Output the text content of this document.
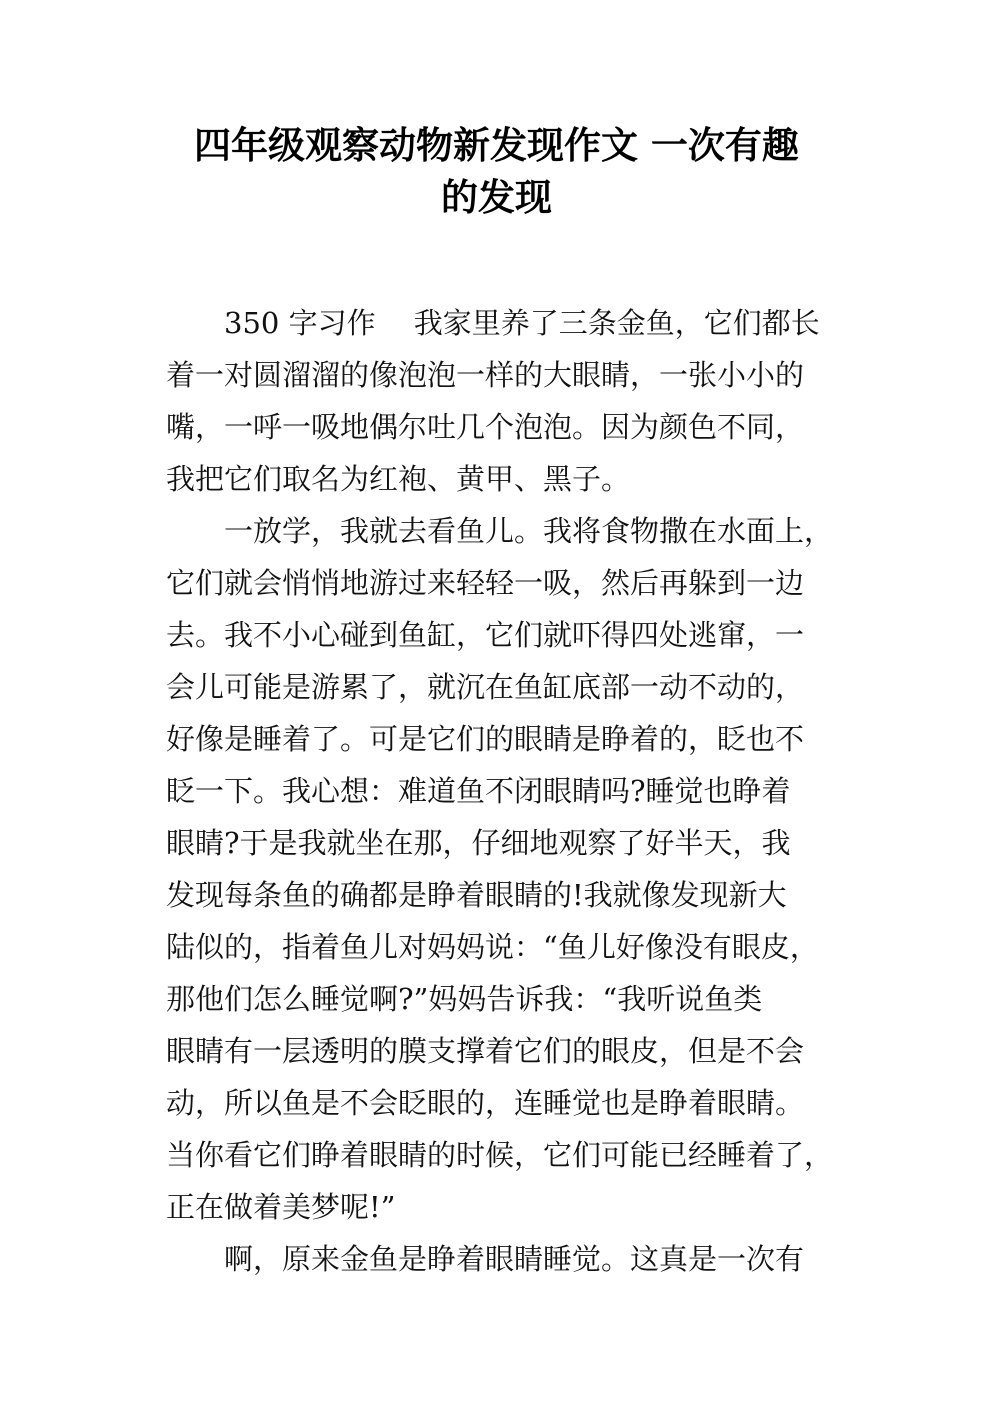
四年级观察动物新发现作文 一次有趣
的发现
350 字习作　 我家里养了三条金鱼，它们都长
着一对圆溜溜的像泡泡一样的大眼睛，一张小小的
嘴，一呼一吸地偶尔吐几个泡泡。因为颜色不同，
我把它们取名为红袍、黄甲、黑子。
一放学，我就去看鱼儿。我将食物撒在水面上，
它们就会悄悄地游过来轻轻一吸，然后再躲到一边
去。我不小心碰到鱼缸，它们就吓得四处逃窜，一
会儿可能是游累了，就沉在鱼缸底部一动不动的，
好像是睡着了。可是它们的眼睛是睁着的，眨也不
眨一下。我心想：难道鱼不闭眼睛吗?睡觉也睁着
眼睛?于是我就坐在那，仔细地观察了好半天，我
发现每条鱼的确都是睁着眼睛的!我就像发现新大
陆似的，指着鱼儿对妈妈说：“鱼儿好像没有眼皮，
那他们怎么睡觉啊?”妈妈告诉我：“我听说鱼类
眼睛有一层透明的膜支撑着它们的眼皮，但是不会
动，所以鱼是不会眨眼的，连睡觉也是睁着眼睛。
当你看它们睁着眼睛的时候，它们可能已经睡着了，
正在做着美梦呢!”
啊，原来金鱼是睁着眼睛睡觉。这真是一次有
